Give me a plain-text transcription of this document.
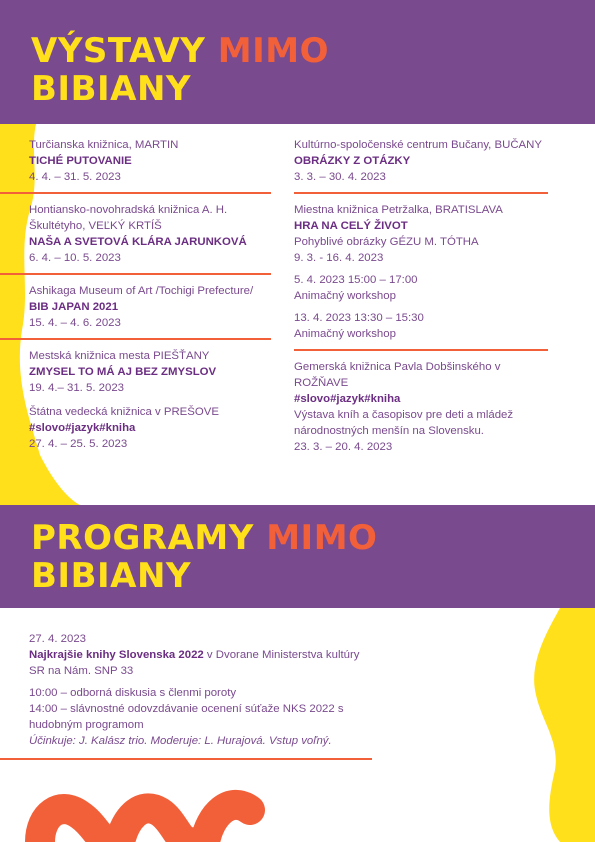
VÝSTAVY MIMO
BIBIANY
Turčianska knižnica, MARTIN
TICHÉ PUTOVANIE
4. 4. – 31. 5. 2023
Hontiansko-novohradská knižnica A. H. Škultétyho, VEĽKÝ KRTÍŠ
NAŠA A SVETOVÁ KLÁRA JARUNKOVÁ
6. 4. – 10. 5. 2023
Ashikaga Museum of Art /Tochigi Prefecture/
BIB JAPAN 2021
15. 4. – 4. 6. 2023
Mestská knižnica mesta PIEŠŤANY
ZMYSEL TO MÁ AJ BEZ ZMYSLOV
19. 4.– 31. 5. 2023
Štátna vedecká knižnica v PREŠOVE
#slovo#jazyk#kniha
27. 4. – 25. 5. 2023
Kultúrno-spoločenské centrum Bučany, BUČANY
OBRÁZKY Z OTÁZKY
3. 3. – 30. 4. 2023
Miestna knižnica Petržalka, BRATISLAVA
HRA NA CELÝ ŽIVOT
Pohyblivé obrázky GÉZU M. TÓTHA
9. 3. - 16. 4. 2023
5. 4. 2023 15:00 – 17:00
Animačný workshop
13. 4. 2023 13:30 – 15:30
Animačný workshop
Gemerská knižnica Pavla Dobšinského v ROŽŇAVE
#slovo#jazyk#kniha
Výstava kníh a časopisov pre deti a mládež národnostných menšín na Slovensku.
23. 3. – 20. 4. 2023
PROGRAMY MIMO
BIBIANY
27. 4. 2023
Najkrajšie knihy Slovenska 2022 v Dvorane Ministerstva kultúry SR na Nám. SNP 33
10:00 – odborná diskusia s členmi poroty
14:00 – slávnostné odovzdávanie ocenení súťaže NKS 2022 s hudobným programom
Účinkuje: J. Kalász trio. Moderuje: L. Hurajová. Vstup voľný.
